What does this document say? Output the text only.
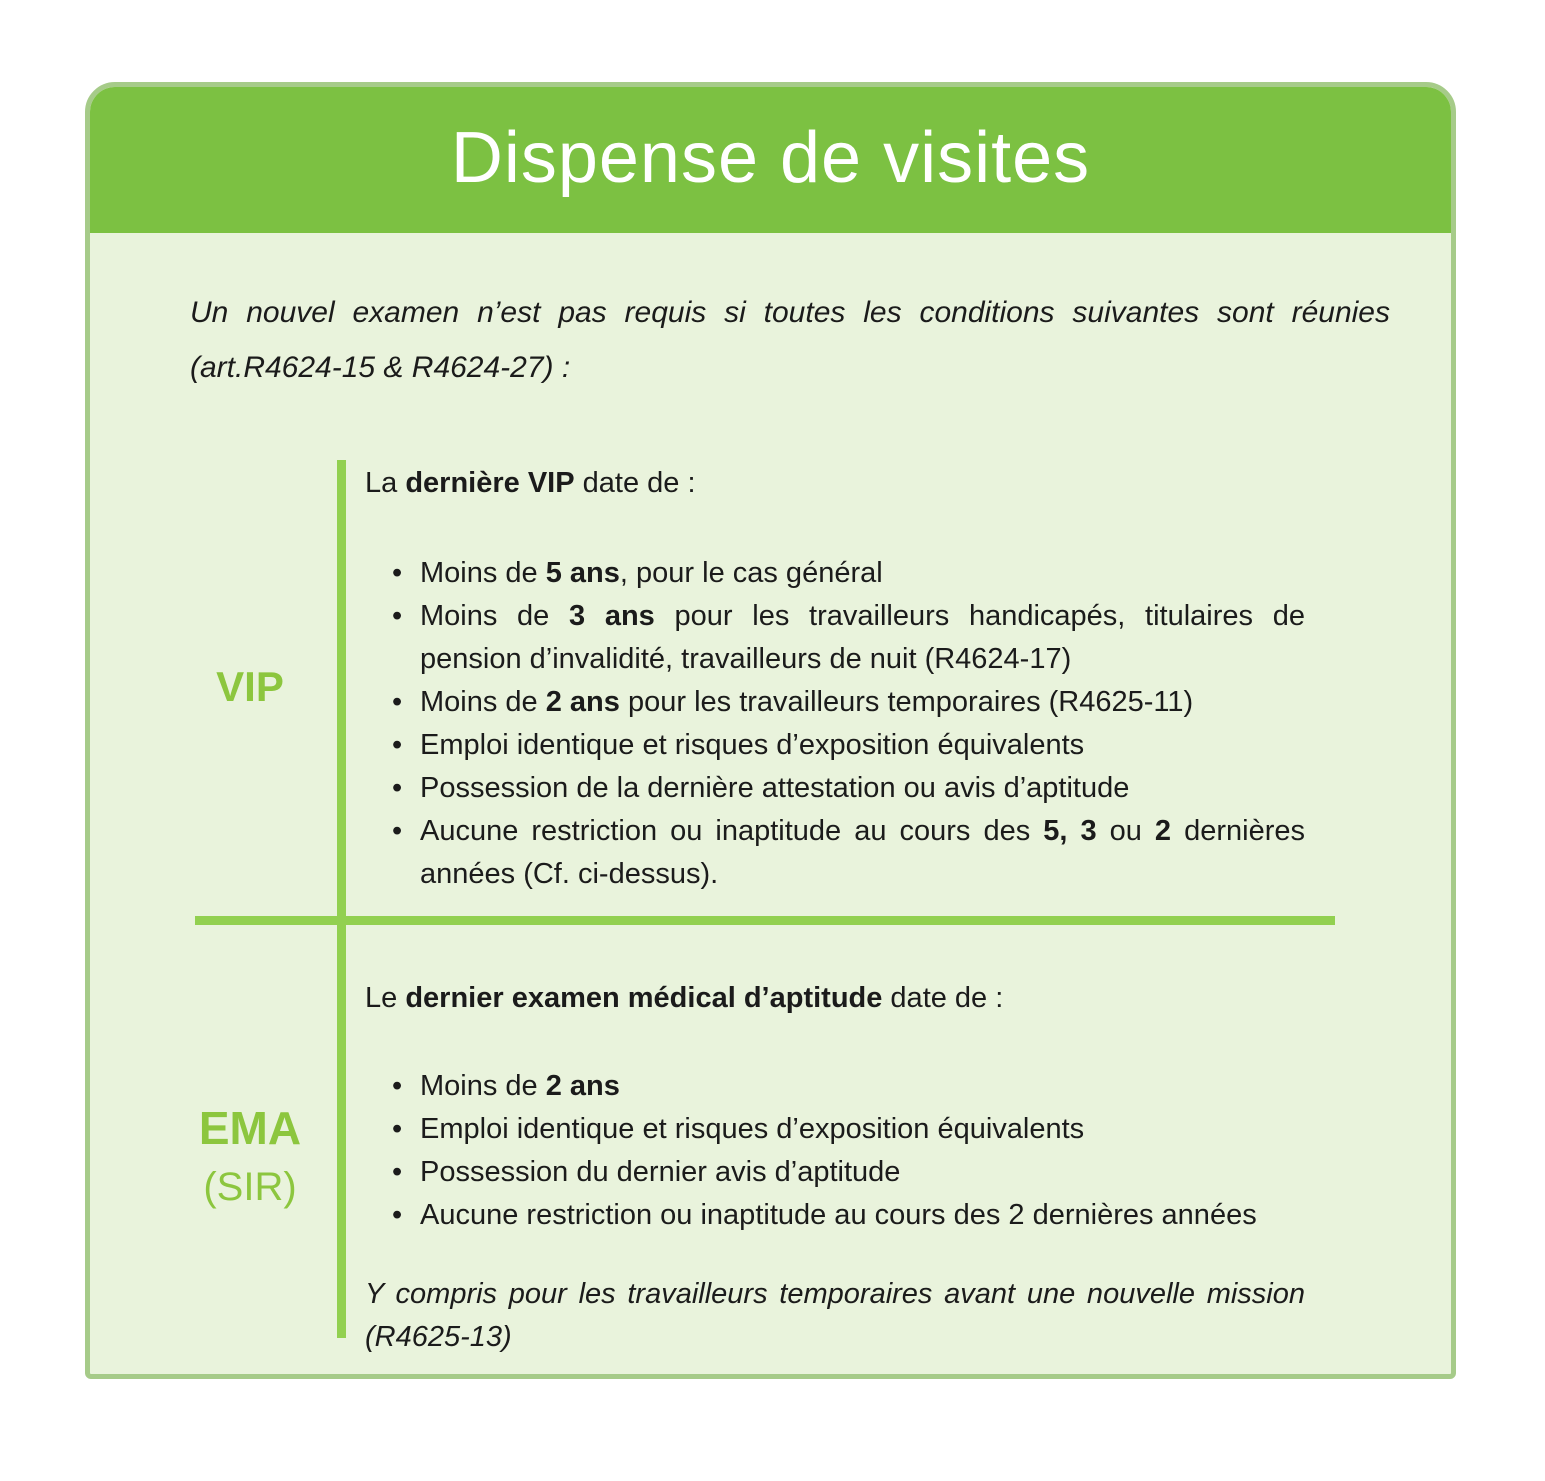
Dispense de visites

Un nouvel examen n’est pas requis si toutes les conditions suivantes sont réunies (art.R4624-15 & R4624-27) :

VIP
EMA
(SIR)

La dernière VIP date de :

• Moins de 5 ans, pour le cas général
• Moins de 3 ans pour les travailleurs handicapés, titulaires de pension d’invalidité, travailleurs de nuit (R4624-17)
• Moins de 2 ans pour les travailleurs temporaires (R4625-11)
• Emploi identique et risques d’exposition équivalents
• Possession de la dernière attestation ou avis d’aptitude
• Aucune restriction ou inaptitude au cours des 5, 3 ou 2 dernières années (Cf. ci-dessus).

Le dernier examen médical d’aptitude date de :

• Moins de 2 ans
• Emploi identique et risques d’exposition équivalents
• Possession du dernier avis d’aptitude
• Aucune restriction ou inaptitude au cours des 2 dernières années

Y compris pour les travailleurs temporaires avant une nouvelle mission (R4625-13)
